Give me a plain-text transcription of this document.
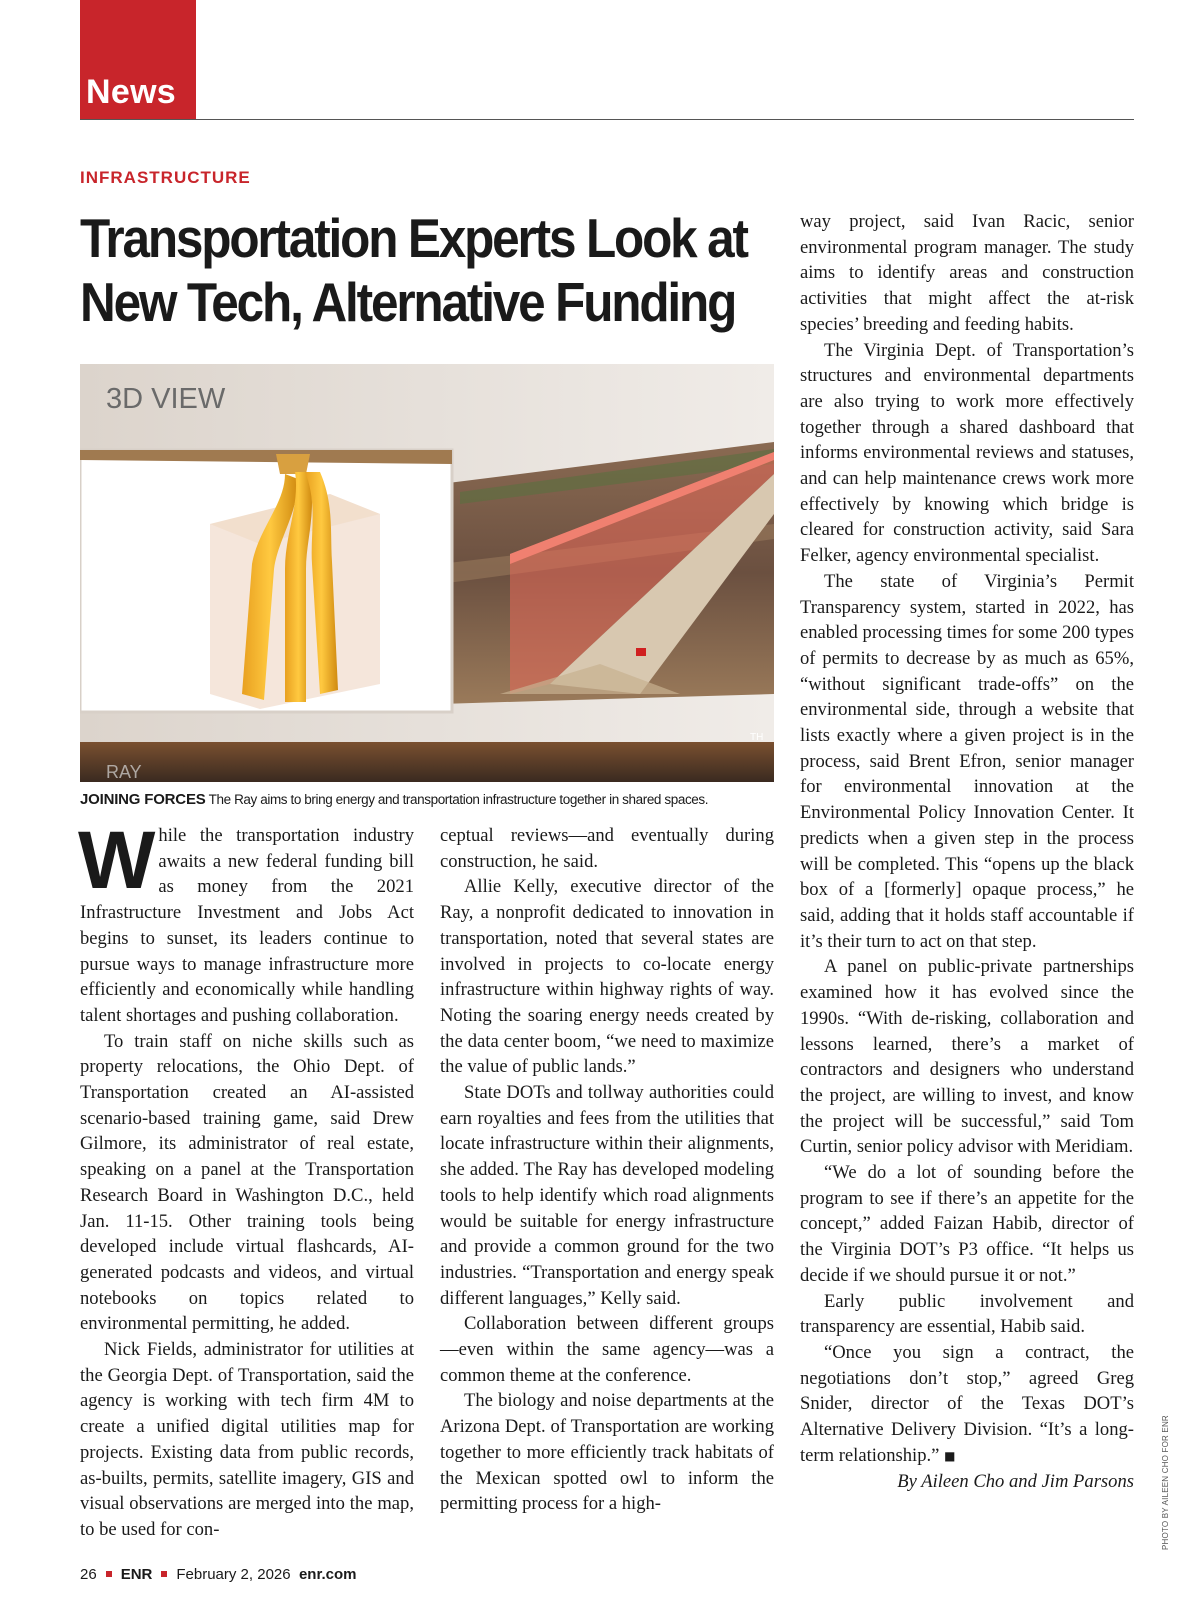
News
INFRASTRUCTURE
Transportation Experts Look at
New Tech, Alternative Funding
3D VIEW
TH
RAY
JOINING FORCES The Ray aims to bring energy and transportation infrastructure together in shared spaces.

While the transportation industry awaits a new federal funding bill as money from the 2021 Infrastructure Investment and Jobs Act begins to sunset, its leaders continue to pursue ways to manage infrastructure more efficiently and economically while handling talent shortages and pushing collaboration.

To train staff on niche skills such as property relocations, the Ohio Dept. of Transportation created an AI-assisted scenario-based training game, said Drew Gilmore, its administrator of real estate, speaking on a panel at the Transportation Research Board in Washington D.C., held Jan. 11-15. Other training tools being developed include virtual flashcards, AI-generated podcasts and videos, and virtual notebooks on topics related to environmental permitting, he added.

Nick Fields, administrator for utilities at the Georgia Dept. of Transportation, said the agency is working with tech firm 4M to create a unified digital utilities map for projects. Existing data from public records, as-builts, permits, satellite imagery, GIS and visual observations are merged into the map, to be used for con-

ceptual reviews—and eventually during construction, he said.

Allie Kelly, executive director of the Ray, a nonprofit dedicated to innovation in transportation, noted that several states are involved in projects to co-locate energy infrastructure within highway rights of way. Noting the soaring energy needs created by the data center boom, “we need to maximize the value of public lands.”

State DOTs and tollway authorities could earn royalties and fees from the utilities that locate infrastructure within their alignments, she added. The Ray has developed modeling tools to help identify which road alignments would be suitable for energy infrastructure and provide a common ground for the two industries. “Transportation and energy speak different languages,” Kelly said.

Collaboration between different groups—even within the same agency—was a common theme at the conference.

The biology and noise departments at the Arizona Dept. of Transportation are working together to more efficiently track habitats of the Mexican spotted owl to inform the permitting process for a high-

way project, said Ivan Racic, senior environmental program manager. The study aims to identify areas and construction activities that might affect the at-risk species’ breeding and feeding habits.

The Virginia Dept. of Transportation’s structures and environmental departments are also trying to work more effectively together through a shared dashboard that informs environmental reviews and statuses, and can help maintenance crews work more effectively by knowing which bridge is cleared for construction activity, said Sara Felker, agency environmental specialist.

The state of Virginia’s Permit Transparency system, started in 2022, has enabled processing times for some 200 types of permits to decrease by as much as 65%, “without significant trade-offs” on the environmental side, through a website that lists exactly where a given project is in the process, said Brent Efron, senior manager for environmental innovation at the Environmental Policy Innovation Center. It predicts when a given step in the process will be completed. This “opens up the black box of a [formerly] opaque process,” he said, adding that it holds staff accountable if it’s their turn to act on that step.

A panel on public-private partnerships examined how it has evolved since the 1990s. “With de-risking, collaboration and lessons learned, there’s a market of contractors and designers who understand the project, are willing to invest, and know the project will be successful,” said Tom Curtin, senior policy advisor with Meridiam.

“We do a lot of sounding before the program to see if there’s an appetite for the concept,” added Faizan Habib, director of the Virginia DOT’s P3 office. “It helps us decide if we should pursue it or not.”

Early public involvement and transparency are essential, Habib said.

“Once you sign a contract, the negotiations don’t stop,” agreed Greg Snider, director of the Texas DOT’s Alternative Delivery Division. “It’s a long-term relationship.” ■

By Aileen Cho and Jim Parsons	PHOTO BY AILEEN CHO FOR ENR
26 ENR February 2, 2026 enr.com
